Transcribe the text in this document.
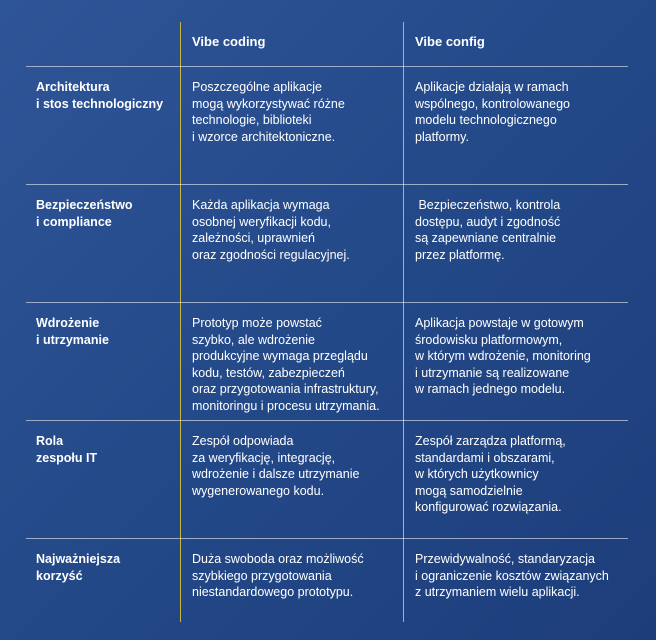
Vibe coding	Vibe config
Architektura
i stos technologiczny
Poszczególne aplikacje
mogą wykorzystywać różne
technologie, biblioteki
i wzorce architektoniczne.
Aplikacje działają w ramach
wspólnego, kontrolowanego
modelu technologicznego
platformy.
Bezpieczeństwo
i compliance
Każda aplikacja wymaga
osobnej weryfikacji kodu,
zależności, uprawnień
oraz zgodności regulacyjnej.
Bezpieczeństwo, kontrola
dostępu, audyt i zgodność
są zapewniane centralnie
przez platformę.
Wdrożenie
i utrzymanie
Prototyp może powstać
szybko, ale wdrożenie
produkcyjne wymaga przeglądu
kodu, testów, zabezpieczeń
oraz przygotowania infrastruktury,
monitoringu i procesu utrzymania.
Aplikacja powstaje w gotowym
środowisku platformowym,
w którym wdrożenie, monitoring
i utrzymanie są realizowane
w ramach jednego modelu.
Rola
zespołu IT
Zespół odpowiada
za weryfikację, integrację,
wdrożenie i dalsze utrzymanie
wygenerowanego kodu.
Zespół zarządza platformą,
standardami i obszarami,
w których użytkownicy
mogą samodzielnie
konfigurować rozwiązania.
Najważniejsza
korzyść
Duża swoboda oraz możliwość
szybkiego przygotowania
niestandardowego prototypu.
Przewidywalność, standaryzacja
i ograniczenie kosztów związanych
z utrzymaniem wielu aplikacji.
